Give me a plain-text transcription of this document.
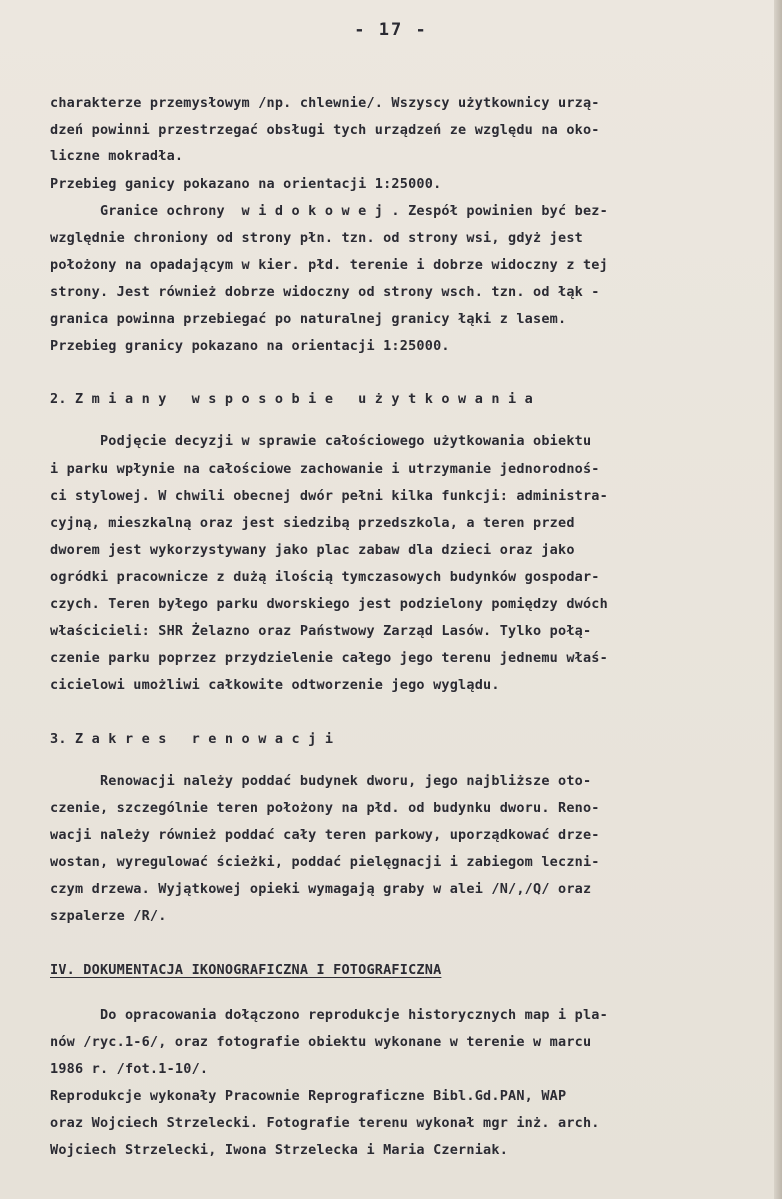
- 17 -
charakterze przemysłowym /np. chlewnie/. Wszyscy użytkownicy urzą-
dzeń powinni przestrzegać obsługi tych urządzeń ze względu na oko-
liczne mokradła.
Przebieg ganicy pokazano na orientacji 1:25000.
Granice ochrony  w i d o k o w e j . Zespół powinien być bez-
względnie chroniony od strony płn. tzn. od strony wsi, gdyż jest
położony na opadającym w kier. płd. terenie i dobrze widoczny z tej
strony. Jest również dobrze widoczny od strony wsch. tzn. od łąk -
granica powinna przebiegać po naturalnej granicy łąki z lasem.
Przebieg granicy pokazano na orientacji 1:25000.
2. Z m i a n y   w s p o s o b i e   u ż y t k o w a n i a
Podjęcie decyzji w sprawie całościowego użytkowania obiektu
i parku wpłynie na całościowe zachowanie i utrzymanie jednorodnoś-
ci stylowej. W chwili obecnej dwór pełni kilka funkcji: administra-
cyjną, mieszkalną oraz jest siedzibą przedszkola, a teren przed
dworem jest wykorzystywany jako plac zabaw dla dzieci oraz jako
ogródki pracownicze z dużą ilością tymczasowych budynków gospodar-
czych. Teren byłego parku dworskiego jest podzielony pomiędzy dwóch
właścicieli: SHR Żelazno oraz Państwowy Zarząd Lasów. Tylko połą-
czenie parku poprzez przydzielenie całego jego terenu jednemu właś-
cicielowi umożliwi całkowite odtworzenie jego wyglądu.
3. Z a k r e s   r e n o w a c j i
Renowacji należy poddać budynek dworu, jego najbliższe oto-
czenie, szczególnie teren położony na płd. od budynku dworu. Reno-
wacji należy również poddać cały teren parkowy, uporządkować drze-
wostan, wyregulować ścieżki, poddać pielęgnacji i zabiegom leczni-
czym drzewa. Wyjątkowej opieki wymagają graby w alei /N/,/Q/ oraz
szpalerze /R/.
IV. DOKUMENTACJA IKONOGRAFICZNA I FOTOGRAFICZNA
Do opracowania dołączono reprodukcje historycznych map i pla-
nów /ryc.1-6/, oraz fotografie obiektu wykonane w terenie w marcu
1986 r. /fot.1-10/.
Reprodukcje wykonały Pracownie Reprograficzne Bibl.Gd.PAN, WAP
oraz Wojciech Strzelecki. Fotografie terenu wykonał mgr inż. arch.
Wojciech Strzelecki, Iwona Strzelecka i Maria Czerniak.
